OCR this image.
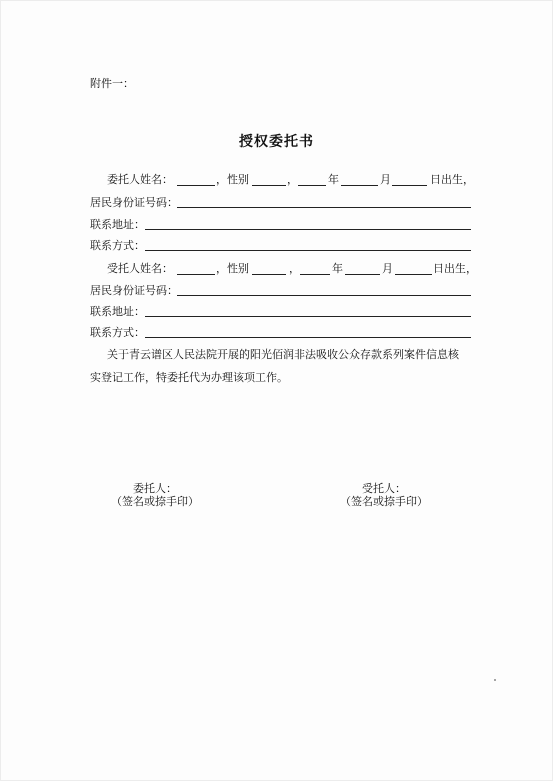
附件一：
授权委托书
委托人姓名：	，性别	，	年	月	日出生，
居民身份证号码：
联系地址：
联系方式：
受托人姓名：	，性别	，	年	月	日出生，
居民身份证号码：
联系地址：
联系方式：
关于青云谱区人民法院开展的阳光佰润非法吸收公众存款系列案件信息核
实登记工作，特委托代为办理该项工作。
委托人：
（签名或捺手印）
受托人：
（签名或捺手印）
